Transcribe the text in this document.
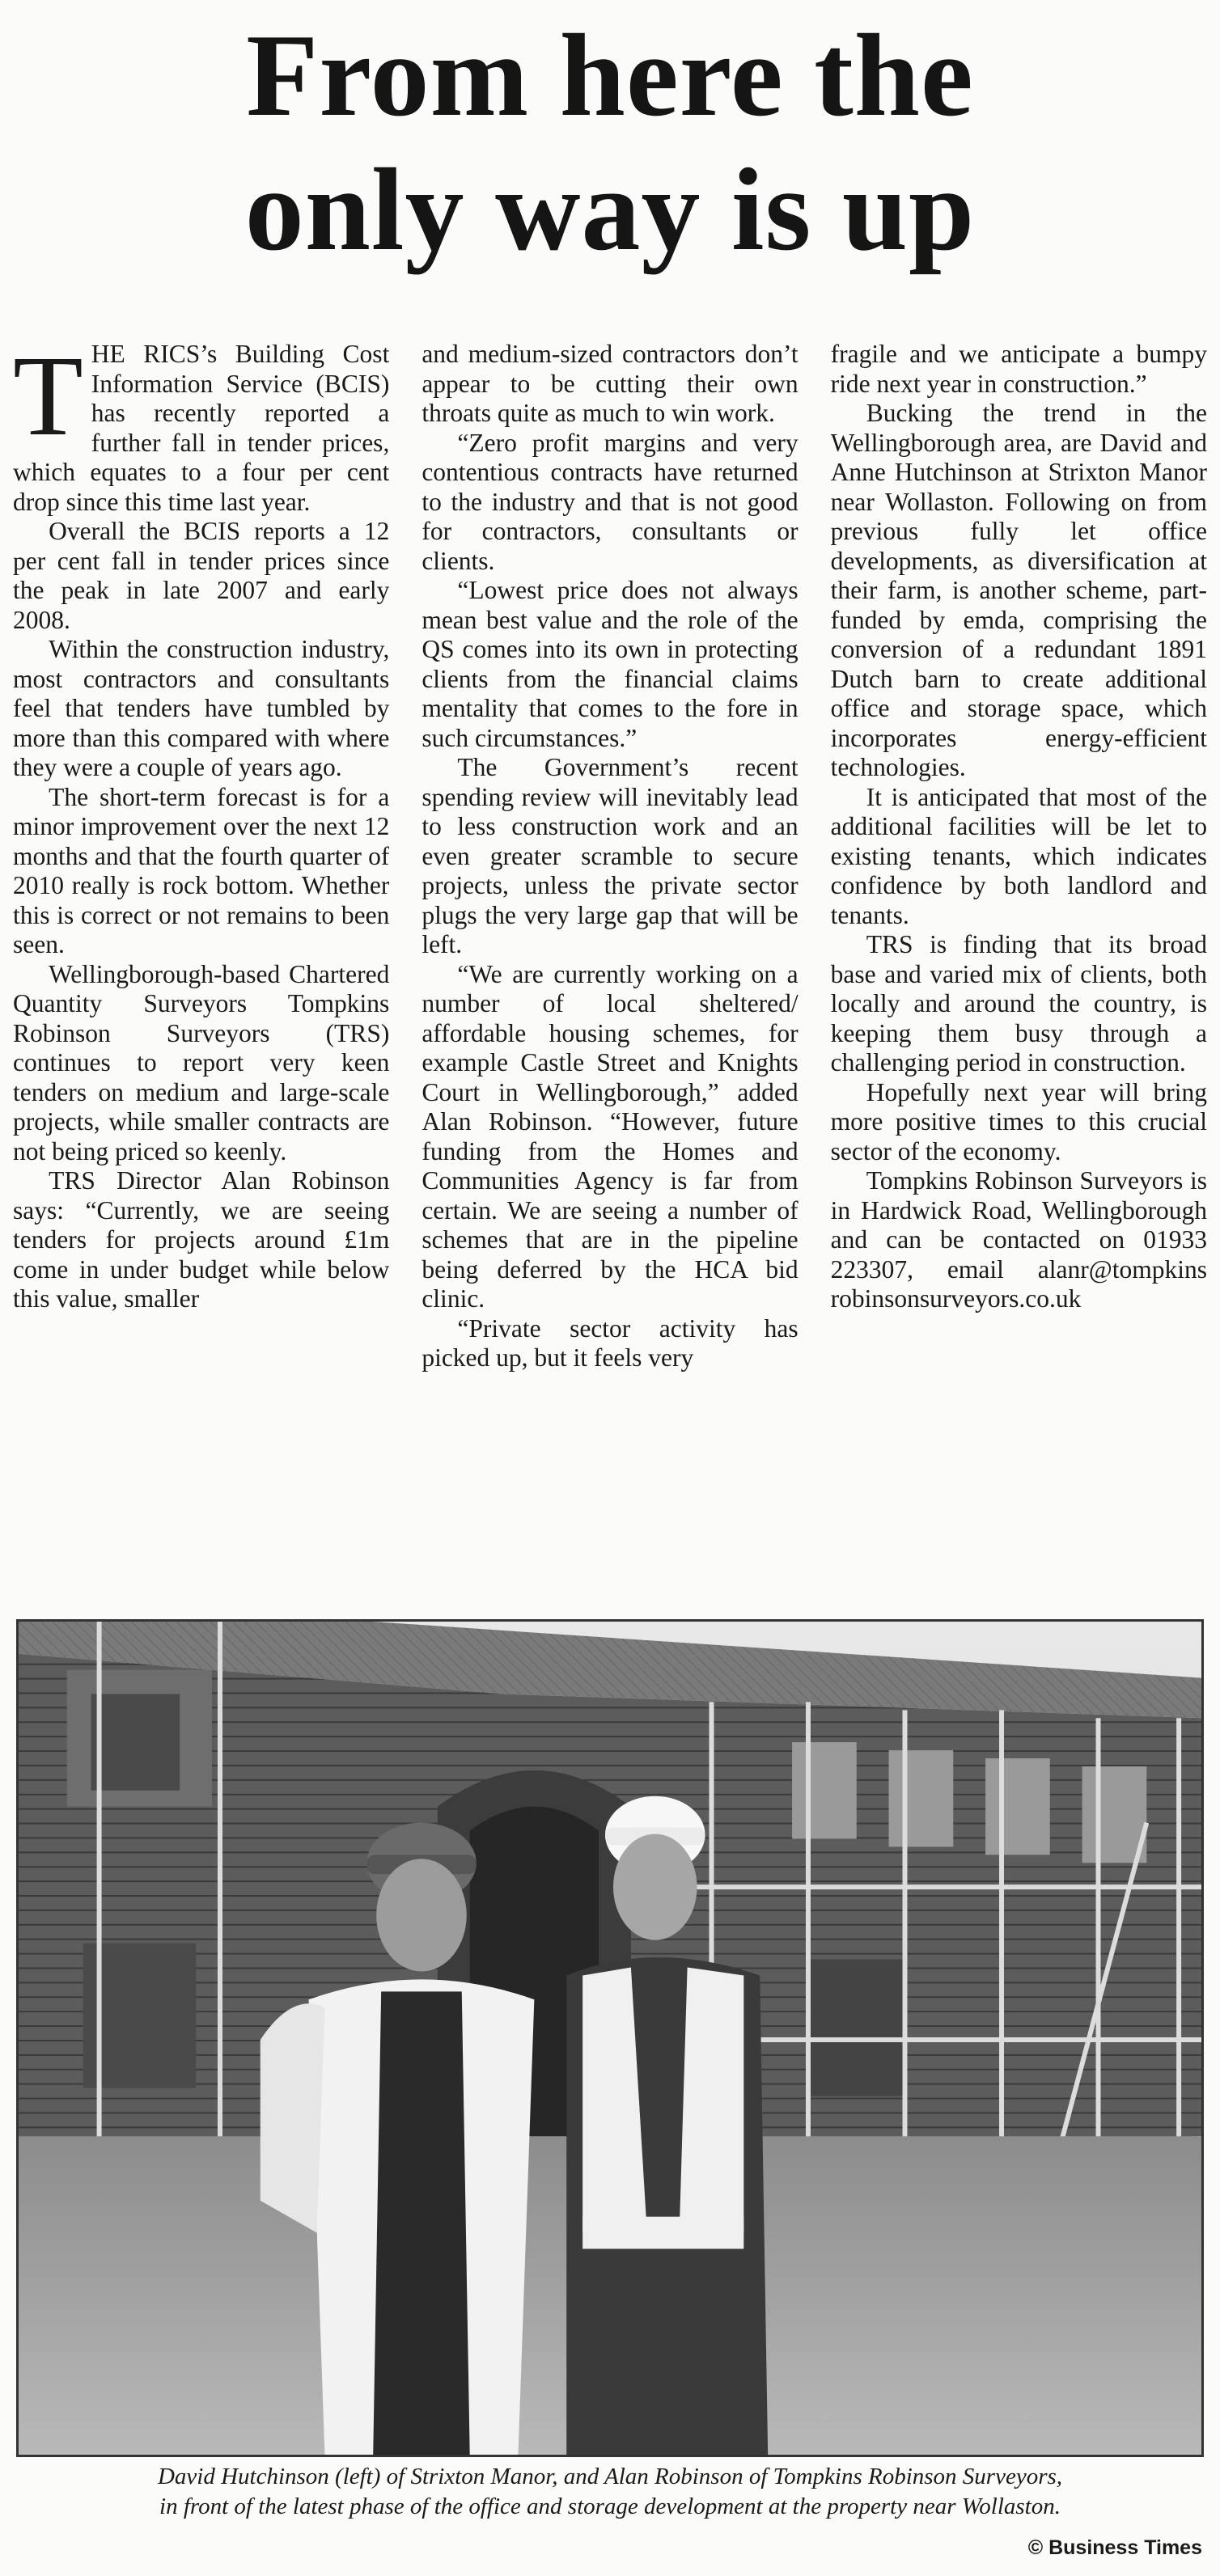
From here the
only way is up

THE RICS’s Building Cost Information Service (BCIS) has recently reported a further fall in tender prices, which equates to a four per cent drop since this time last year.

Overall the BCIS reports a 12 per cent fall in tender prices since the peak in late 2007 and early 2008.

Within the construction industry, most contractors and consultants feel that tenders have tumbled by more than this compared with where they were a couple of years ago.

The short-term forecast is for a minor improvement over the next 12 months and that the fourth quarter of 2010 really is rock bottom. Whether this is correct or not remains to been seen.

Wellingborough-based Chartered Quantity Surveyors Tompkins Robinson Surveyors (TRS) continues to report very keen tenders on medium and large-scale projects, while smaller contracts are not being priced so keenly.

TRS Director Alan Robinson says: “Currently, we are seeing tenders for projects around £1m come in under budget while below this value, smaller

and medium-sized contractors don’t appear to be cutting their own throats quite as much to win work.

“Zero profit margins and very contentious contracts have returned to the industry and that is not good for contractors, consultants or clients.

“Lowest price does not always mean best value and the role of the QS comes into its own in protecting clients from the financial claims mentality that comes to the fore in such circumstances.”

The Government’s recent spending review will inevitably lead to less construction work and an even greater scramble to secure projects, unless the private sector plugs the very large gap that will be left.

“We are currently working on a number of local sheltered/ affordable housing schemes, for example Castle Street and Knights Court in Wellingborough,” added Alan Robinson. “However, future funding from the Homes and Communities Agency is far from certain. We are seeing a number of schemes that are in the pipeline being deferred by the HCA bid clinic.

“Private sector activity has picked up, but it feels very

fragile and we anticipate a bumpy ride next year in construction.”

Bucking the trend in the Wellingborough area, are David and Anne Hutchinson at Strixton Manor near Wollaston. Following on from previous fully let office developments, as diversification at their farm, is another scheme, part-funded by emda, comprising the conversion of a redundant 1891 Dutch barn to create additional office and storage space, which incorporates energy-efficient technologies.

It is anticipated that most of the additional facilities will be let to existing tenants, which indicates confidence by both landlord and tenants.

TRS is finding that its broad base and varied mix of clients, both locally and around the country, is keeping them busy through a challenging period in construction.

Hopefully next year will bring more positive times to this crucial sector of the economy.

Tompkins Robinson Surveyors is in Hardwick Road, Wellingborough and can be contacted on 01933 223307, email alanr@tompkins robinsonsurveyors.co.uk

David Hutchinson (left) of Strixton Manor, and Alan Robinson of Tompkins Robinson Surveyors,
in front of the latest phase of the office and storage development at the property near Wollaston.
© Business Times
